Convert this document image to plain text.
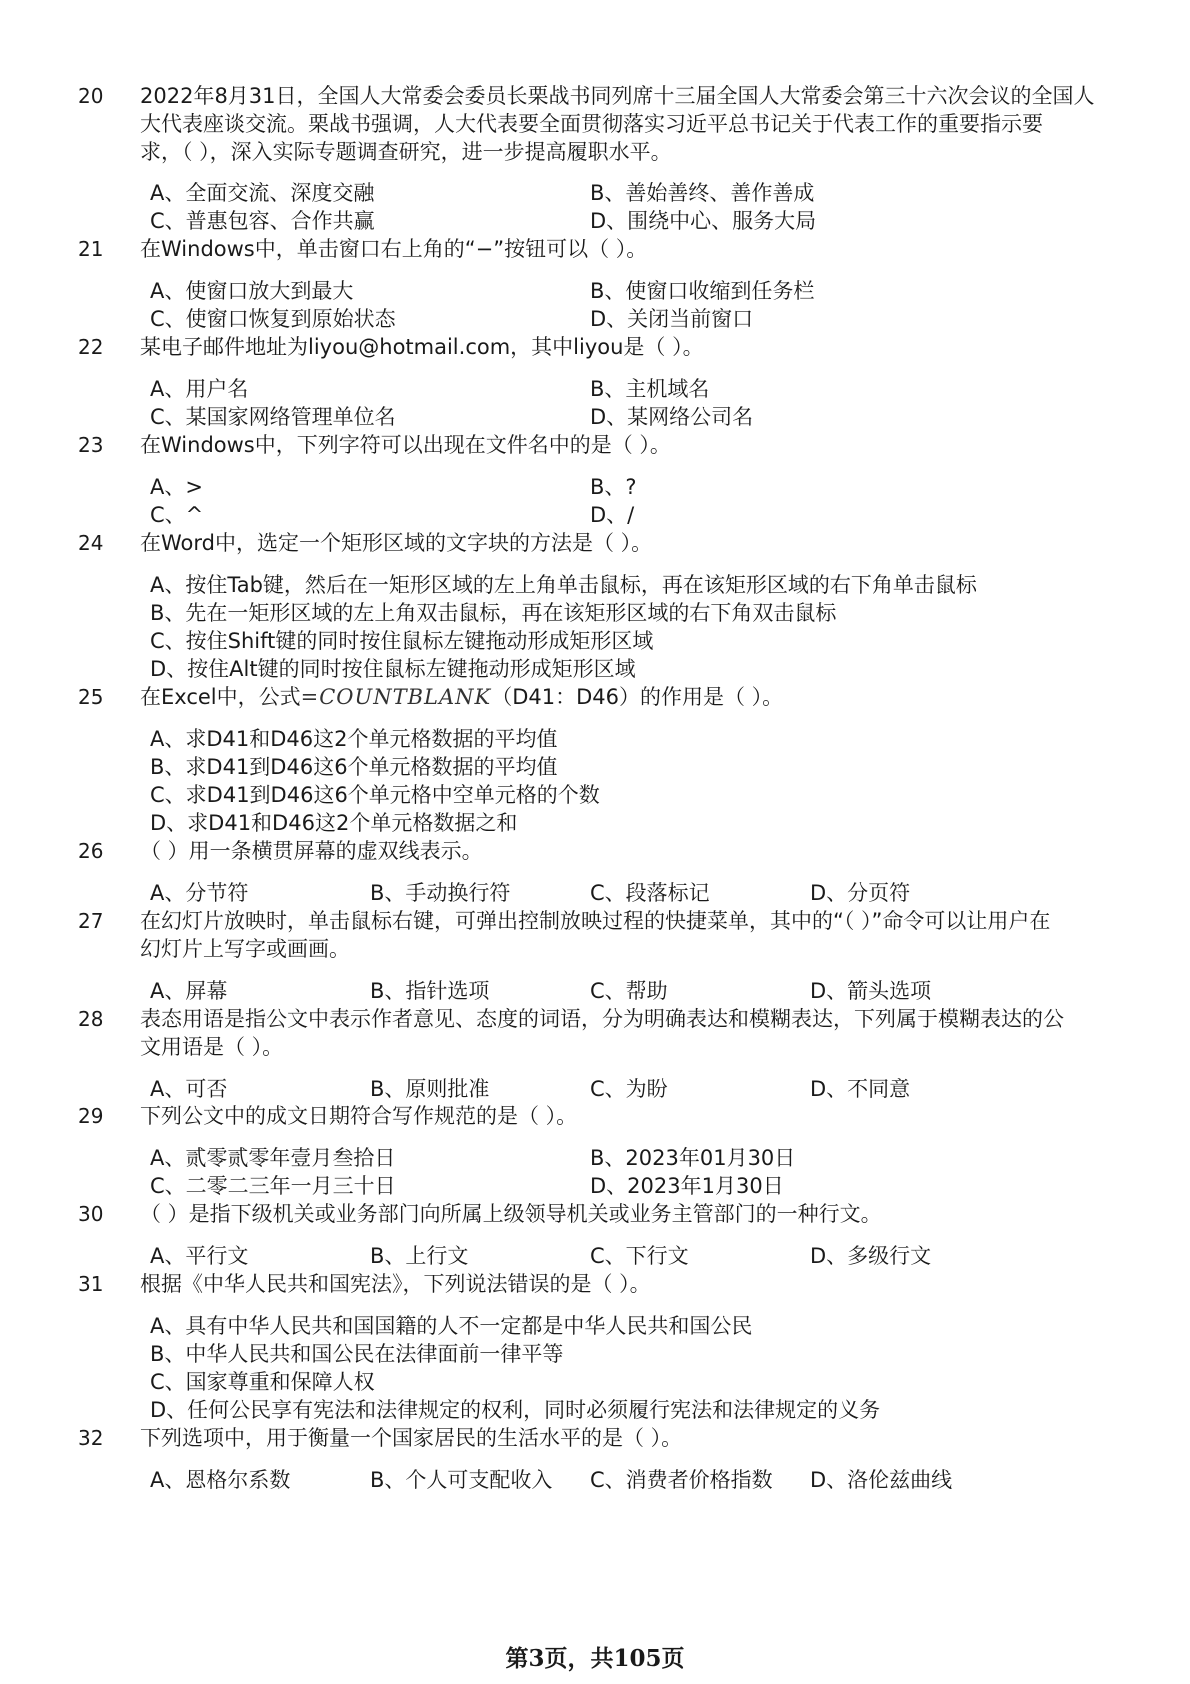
20 2022年8月31日，全国人大常委会委员长栗战书同列席十三届全国人大常委会第三十六次会议的全国人
大代表座谈交流。栗战书强调，人大代表要全面贯彻落实习近平总书记关于代表工作的重要指示要
求，（ ），深入实际专题调查研究，进一步提高履职水平。
A、全面交流、深度交融	B、善始善终、善作善成
C、普惠包容、合作共赢	D、围绕中心、服务大局
21 在Windows中，单击窗口右上角的“−”按钮可以（ ）。
A、使窗口放大到最大	B、使窗口收缩到任务栏
C、使窗口恢复到原始状态	D、关闭当前窗口
22 某电子邮件地址为liyou@hotmail.com，其中liyou是（ ）。
A、用户名	B、主机域名
C、某国家网络管理单位名	D、某网络公司名
23 在Windows中，下列字符可以出现在文件名中的是（ ）。
A、>	B、?
C、^	D、/
24 在Word中，选定一个矩形区域的文字块的方法是（ ）。
A、按住Tab键，然后在一矩形区域的左上角单击鼠标，再在该矩形区域的右下角单击鼠标
B、先在一矩形区域的左上角双击鼠标，再在该矩形区域的右下角双击鼠标
C、按住Shift键的同时按住鼠标左键拖动形成矩形区域
D、按住Alt键的同时按住鼠标左键拖动形成矩形区域
25 在Excel中，公式=COUNTBLANK（D41：D46）的作用是（ ）。
A、求D41和D46这2个单元格数据的平均值
B、求D41到D46这6个单元格数据的平均值
C、求D41到D46这6个单元格中空单元格的个数
D、求D41和D46这2个单元格数据之和
26 （ ）用一条横贯屏幕的虚双线表示。
A、分节符	B、手动换行符	C、段落标记	D、分页符
27 在幻灯片放映时，单击鼠标右键，可弹出控制放映过程的快捷菜单，其中的“（ ）”命令可以让用户在
幻灯片上写字或画画。
A、屏幕	B、指针选项	C、帮助	D、箭头选项
28 表态用语是指公文中表示作者意见、态度的词语，分为明确表达和模糊表达，下列属于模糊表达的公
文用语是（ ）。
A、可否	B、原则批准	C、为盼	D、不同意
29 下列公文中的成文日期符合写作规范的是（ ）。
A、贰零贰零年壹月叁拾日	B、2023年01月30日
C、二零二三年一月三十日	D、2023年1月30日
30 （ ）是指下级机关或业务部门向所属上级领导机关或业务主管部门的一种行文。
A、平行文	B、上行文	C、下行文	D、多级行文
31 根据《中华人民共和国宪法》，下列说法错误的是（ ）。
A、具有中华人民共和国国籍的人不一定都是中华人民共和国公民
B、中华人民共和国公民在法律面前一律平等
C、国家尊重和保障人权
D、任何公民享有宪法和法律规定的权利，同时必须履行宪法和法律规定的义务
32 下列选项中，用于衡量一个国家居民的生活水平的是（ ）。
A、恩格尔系数	B、个人可支配收入 C、消费者价格指数 D、洛伦兹曲线
第3页，共105页
